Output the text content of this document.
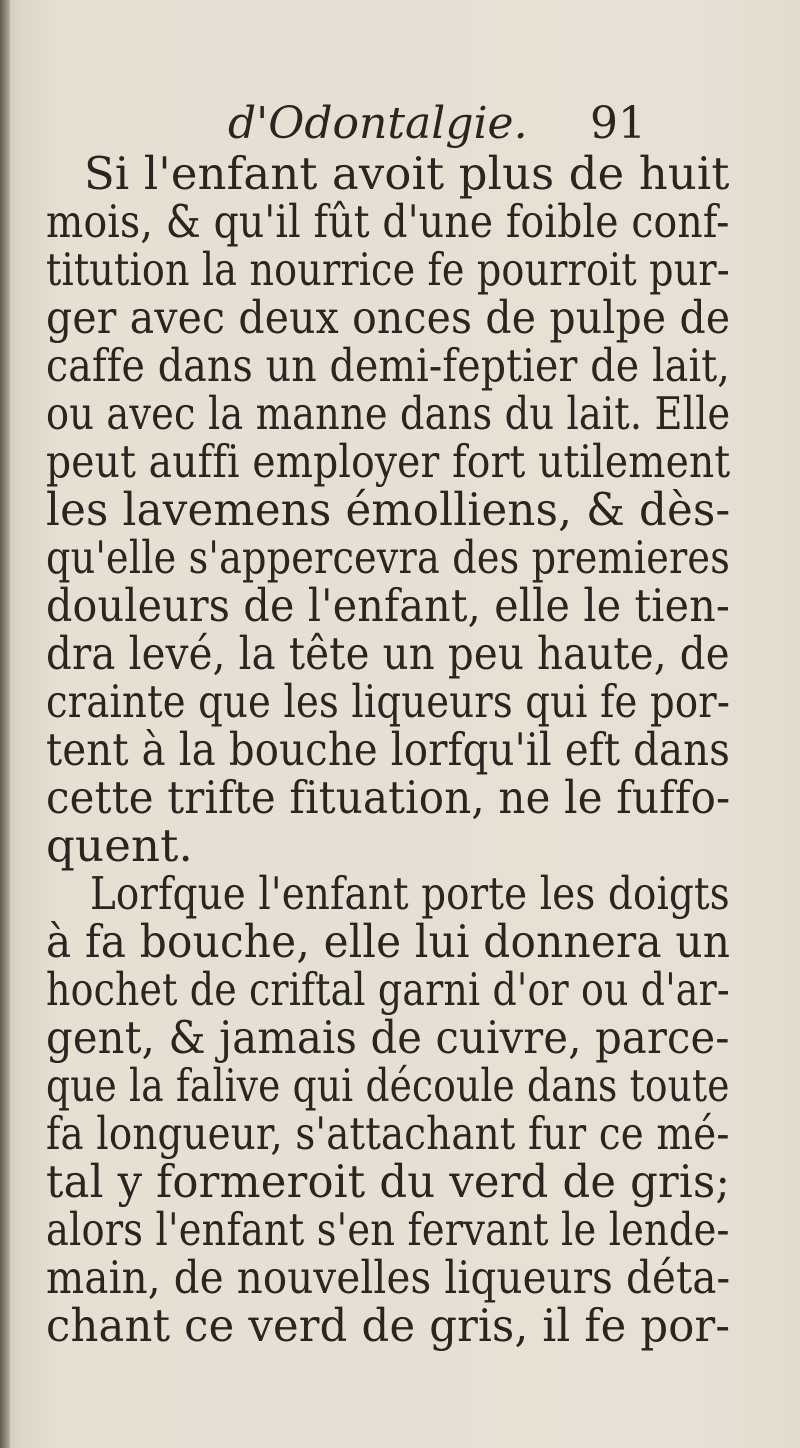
d'Odontalgie. 91
Si l'enfant avoit plus de huit
mois, & qu'il fût d'une foible conf-
titution la nourrice fe pourroit pur-
ger avec deux onces de pulpe de
caffe dans un demi-feptier de lait,
ou avec la manne dans du lait. Elle
peut auffi employer fort utilement
les lavemens émolliens, & dès-
qu'elle s'appercevra des premieres
douleurs de l'enfant, elle le tien-
dra levé, la tête un peu haute, de
crainte que les liqueurs qui fe por-
tent à la bouche lorfqu'il eft dans
cette trifte fituation, ne le fuffo-
quent.
Lorfque l'enfant porte les doigts
à fa bouche, elle lui donnera un
hochet de criftal garni d'or ou d'ar-
gent, & jamais de cuivre, parce-
que la falive qui découle dans toute
fa longueur, s'attachant fur ce mé-
tal y formeroit du verd de gris;
alors l'enfant s'en fervant le lende-
main, de nouvelles liqueurs déta-
chant ce verd de gris, il fe por-
